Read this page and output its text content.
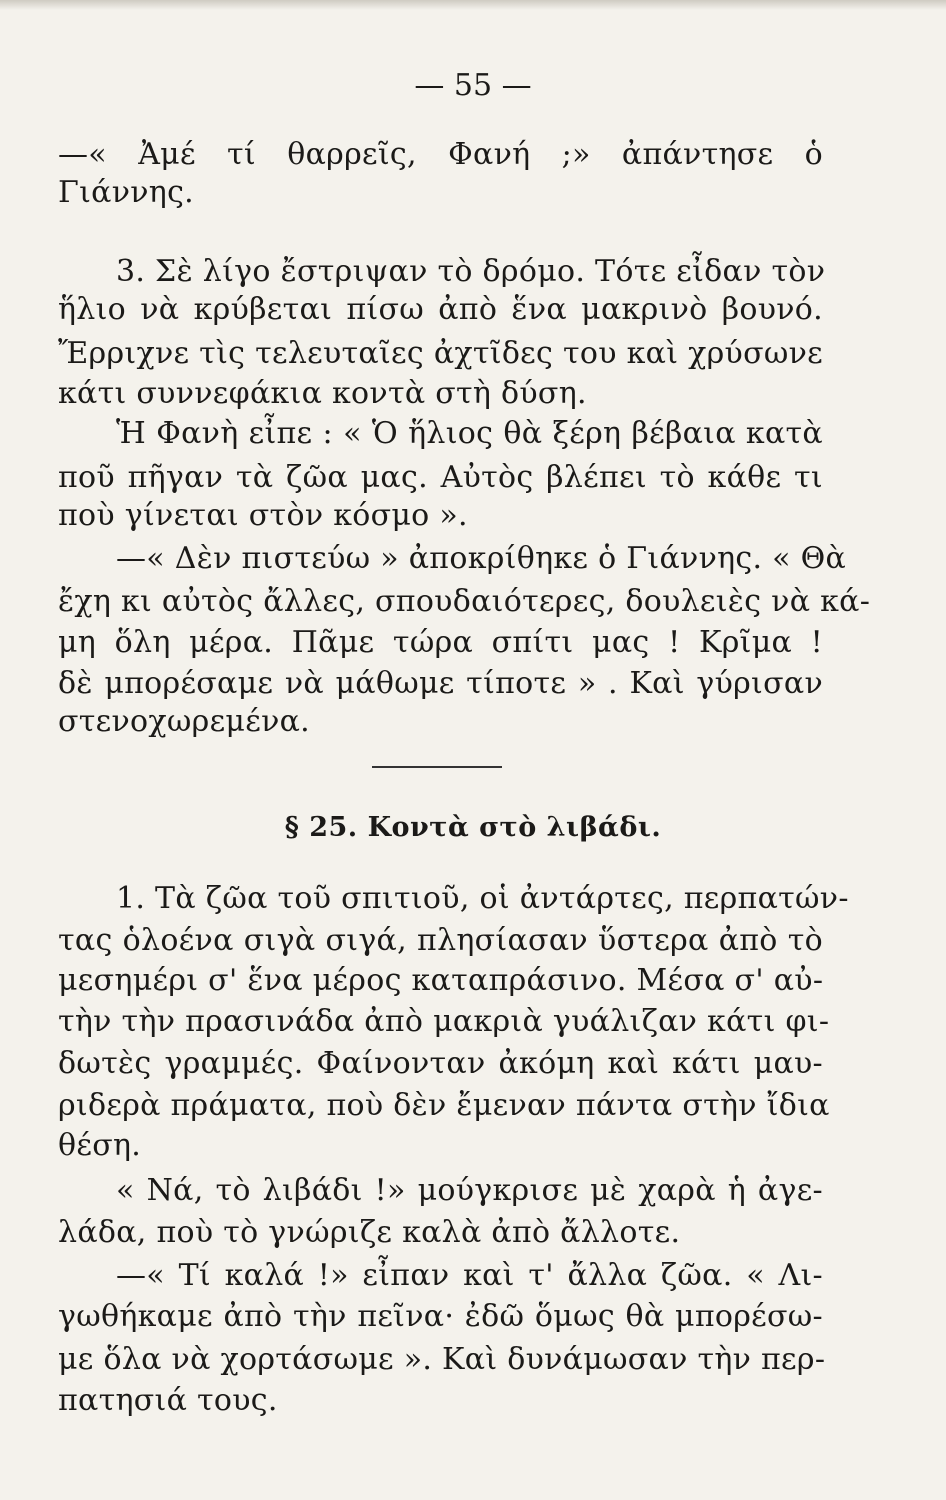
— 55 —
—« Ἀμέ τί θαρρεῖς, Φανή ;» ἀπάντησε ὁ
Γιάννης.
3. Σὲ λίγο ἔστριψαν τὸ δρόμο. Τότε εἶδαν τὸν
ἥλιο νὰ κρύβεται πίσω ἀπὸ ἕνα μακρινὸ βουνό.
Ἔρριχνε τὶς τελευταῖες ἀχτῖδες του καὶ χρύσωνε
κάτι συννεφάκια κοντὰ στὴ δύση.
Ἡ Φανὴ εἶπε : « Ὁ ἥλιος θὰ ξέρη βέβαια κατὰ
ποῦ πῆγαν τὰ ζῶα μας. Αὐτὸς βλέπει τὸ κάθε τι
ποὺ γίνεται στὸν κόσμο ».
—« Δὲν πιστεύω » ἀποκρίθηκε ὁ Γιάννης. « Θὰ
ἔχη κι αὐτὸς ἄλλες, σπουδαιότερες, δουλειὲς νὰ κά-
μη ὅλη μέρα. Πᾶμε τώρα σπίτι μας ! Κρῖμα !
δὲ μπορέσαμε νὰ μάθωμε τίποτε » . Καὶ γύρισαν
στενοχωρεμένα.
§ 25. Κοντὰ στὸ λιβάδι.
1. Τὰ ζῶα τοῦ σπιτιοῦ, οἱ ἀντάρτες, περπατών-
τας ὁλοένα σιγὰ σιγά, πλησίασαν ὕστερα ἀπὸ τὸ
μεσημέρι σ' ἕνα μέρος καταπράσινο. Μέσα σ' αὐ-
τὴν τὴν πρασινάδα ἀπὸ μακριὰ γυάλιζαν κάτι φι-
δωτὲς γραμμές. Φαίνονταν ἀκόμη καὶ κάτι μαυ-
ριδερὰ πράματα, ποὺ δὲν ἔμεναν πάντα στὴν ἴδια
θέση.
« Νά, τὸ λιβάδι !» μούγκρισε μὲ χαρὰ ἡ ἀγε-
λάδα, ποὺ τὸ γνώριζε καλὰ ἀπὸ ἄλλοτε.
—« Τί καλά !» εἶπαν καὶ τ' ἄλλα ζῶα. « Λι-
γωθήκαμε ἀπὸ τὴν πεῖνα· ἐδῶ ὅμως θὰ μπορέσω-
με ὅλα νὰ χορτάσωμε ». Καὶ δυνάμωσαν τὴν περ-
πατησιά τους.
